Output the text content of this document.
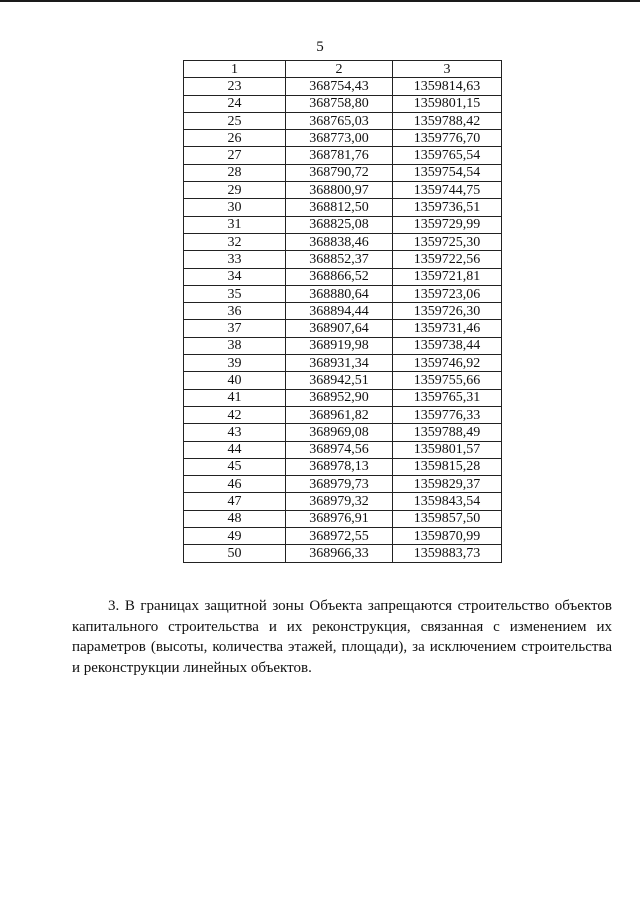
5
1	2	3
23	368754,43	1359814,63
24	368758,80	1359801,15
25	368765,03	1359788,42
26	368773,00	1359776,70
27	368781,76	1359765,54
28	368790,72	1359754,54
29	368800,97	1359744,75
30	368812,50	1359736,51
31	368825,08	1359729,99
32	368838,46	1359725,30
33	368852,37	1359722,56
34	368866,52	1359721,81
35	368880,64	1359723,06
36	368894,44	1359726,30
37	368907,64	1359731,46
38	368919,98	1359738,44
39	368931,34	1359746,92
40	368942,51	1359755,66
41	368952,90	1359765,31
42	368961,82	1359776,33
43	368969,08	1359788,49
44	368974,56	1359801,57
45	368978,13	1359815,28
46	368979,73	1359829,37
47	368979,32	1359843,54
48	368976,91	1359857,50
49	368972,55	1359870,99
50	368966,33	1359883,73

3. В границах защитной зоны Объекта запрещаются строительство объектов капитального строительства и их реконструкция, связанная с изменением их параметров (высоты, количества этажей, площади), за исключением строительства и реконструкции линейных объектов.
